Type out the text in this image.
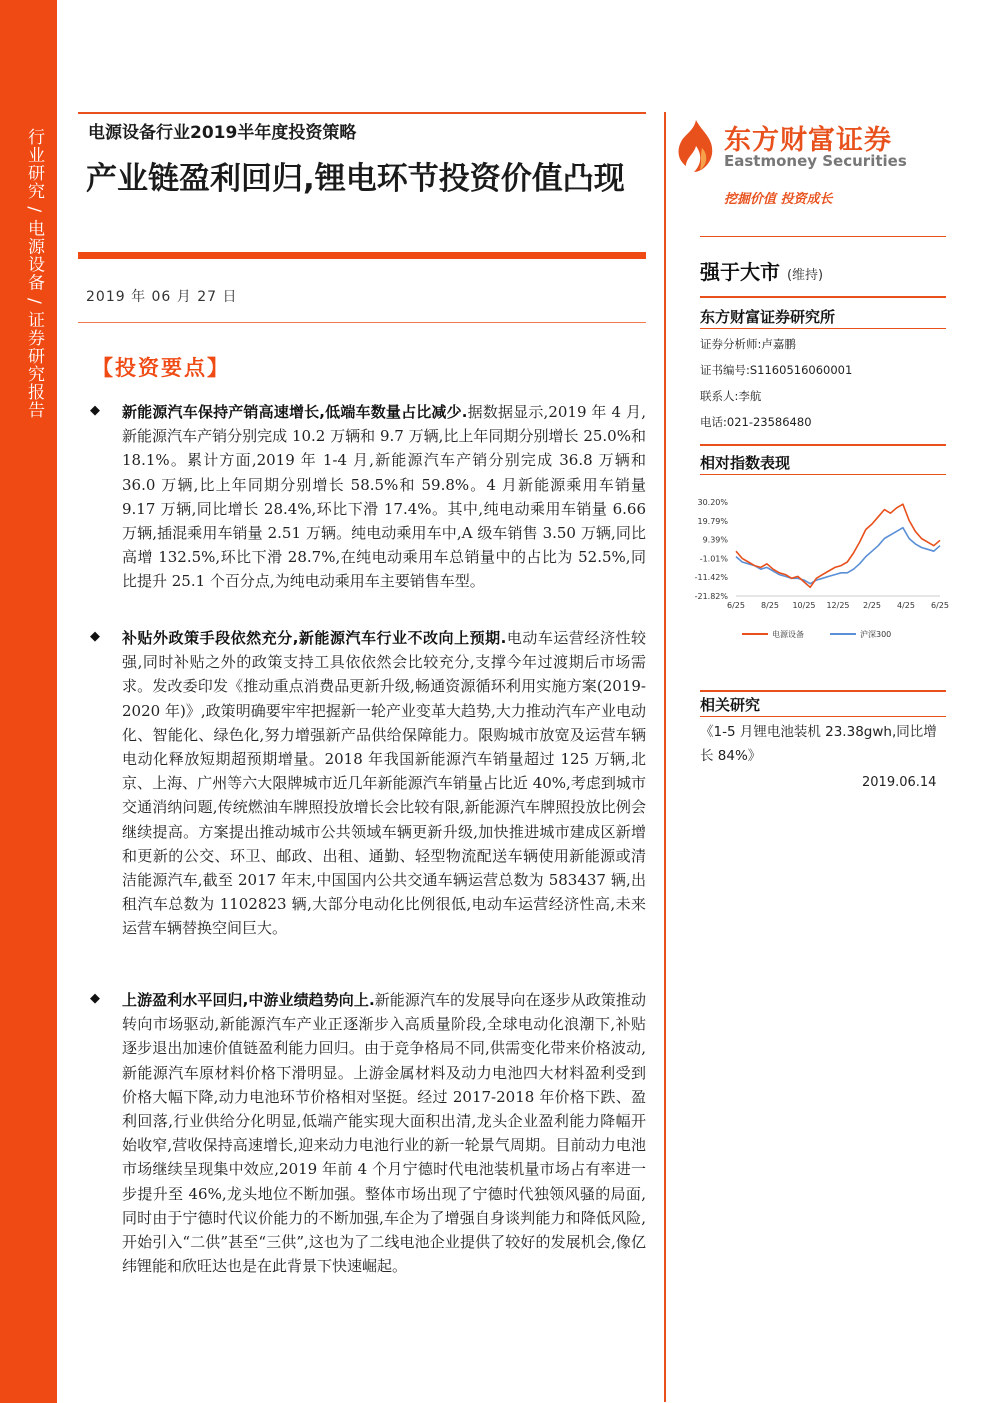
行业研究 / 电源设备 / 证券研究报告	电源设备行业2019半年度投资策略
产业链盈利回归,锂电环节投资价值凸现
2019 年 06 月 27 日
【投资要点】
◆ 新能源汽车保持产销高速增长,低端车数量占比减少.据数据显示,2019 年 4 月,新能源汽车产销分别完成 10.2 万辆和 9.7 万辆,比上年同期分别增长 25.0%和 18.1%。累计方面,2019 年 1-4 月,新能源汽车产销分别完成 36.8 万辆和 36.0 万辆,比上年同期分别增长 58.5%和 59.8%。4 月新能源乘用车销量 9.17 万辆,同比增长 28.4%,环比下滑 17.4%。其中,纯电动乘用车销量 6.66 万辆,插混乘用车销量 2.51 万辆。纯电动乘用车中,A 级车销售 3.50 万辆,同比高增 132.5%,环比下滑 28.7%,在纯电动乘用车总销量中的占比为 52.5%,同比提升 25.1 个百分点,为纯电动乘用车主要销售车型。
◆ 补贴外政策手段依然充分,新能源汽车行业不改向上预期.电动车运营经济性较强,同时补贴之外的政策支持工具依依然会比较充分,支撑今年过渡期后市场需求。发改委印发《推动重点消费品更新升级,畅通资源循环利用实施方案(2019-2020 年)》,政策明确要牢牢把握新一轮产业变革大趋势,大力推动汽车产业电动化、智能化、绿色化,努力增强新产品供给保障能力。限购城市放宽及运营车辆电动化释放短期超预期增量。2018 年我国新能源汽车销量超过 125 万辆,北京、上海、广州等六大限牌城市近几年新能源汽车销量占比近 40%,考虑到城市交通消纳问题,传统燃油车牌照投放增长会比较有限,新能源汽车牌照投放比例会继续提高。方案提出推动城市公共领域车辆更新升级,加快推进城市建成区新增和更新的公交、环卫、邮政、出租、通勤、轻型物流配送车辆使用新能源或清洁能源汽车,截至 2017 年末,中国国内公共交通车辆运营总数为 583437 辆,出租汽车总数为 1102823 辆,大部分电动化比例很低,电动车运营经济性高,未来运营车辆替换空间巨大。
◆ 上游盈利水平回归,中游业绩趋势向上.新能源汽车的发展导向在逐步从政策推动转向市场驱动,新能源汽车产业正逐渐步入高质量阶段,全球电动化浪潮下,补贴逐步退出加速价值链盈利能力回归。由于竞争格局不同,供需变化带来价格波动,新能源汽车原材料价格下滑明显。上游金属材料及动力电池四大材料盈利受到价格大幅下降,动力电池环节价格相对坚挺。经过 2017-2018 年价格下跌、盈利回落,行业供给分化明显,低端产能实现大面积出清,龙头企业盈利能力降幅开始收窄,营收保持高速增长,迎来动力电池行业的新一轮景气周期。目前动力电池市场继续呈现集中效应,2019 年前 4 个月宁德时代电池装机量市场占有率进一步提升至 46%,龙头地位不断加强。整体市场出现了宁德时代独领风骚的局面,同时由于宁德时代议价能力的不断加强,车企为了增强自身谈判能力和降低风险,开始引入“二供”甚至“三供”,这也为了二线电池企业提供了较好的发展机会,像亿纬锂能和欣旺达也是在此背景下快速崛起。
东方财富证券
Eastmoney Securities
挖掘价值 投资成长
强于大市 (维持)
东方财富证券研究所
证券分析师:卢嘉鹏
证书编号:S1160516060001
联系人:李航
电话:021-23586480
相对指数表现
30.20%
19.79%
9.39%
-1.01%
-11.42%
-21.82%
6/25 8/25 10/25 12/25 2/25 4/25 6/25
电源设备	沪深300
相关研究
《1-5 月锂电池装机 23.38gwh,同比增长 84%》
2019.06.14
